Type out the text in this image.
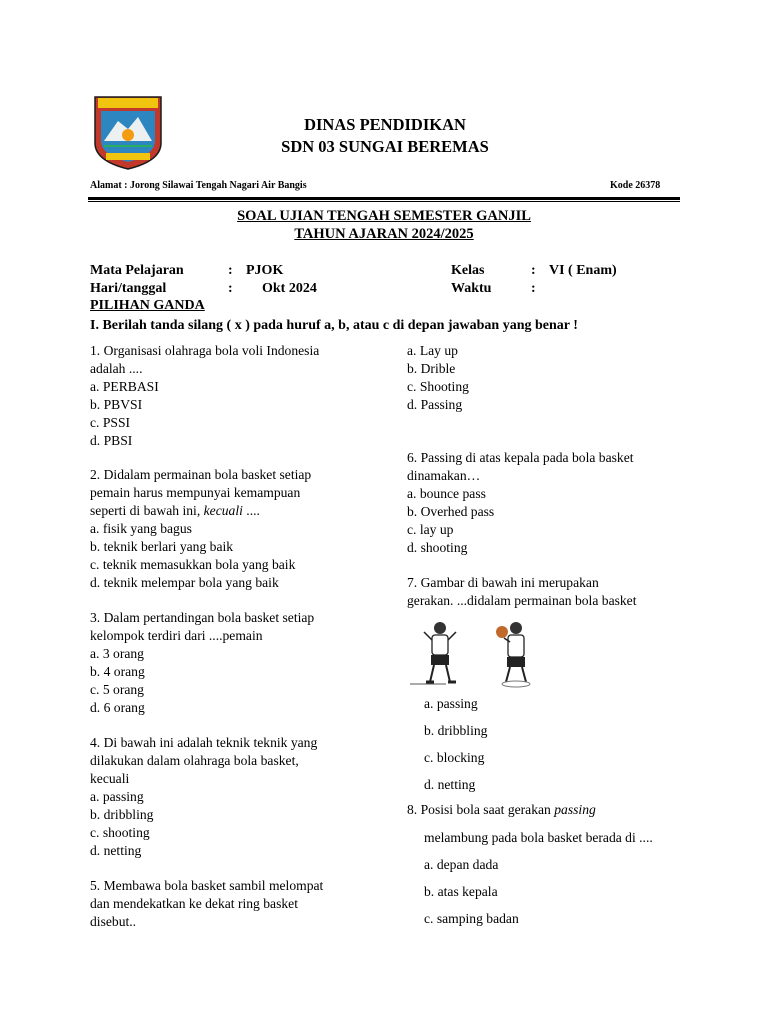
DINAS PENDIDIKAN
SDN 03 SUNGAI BEREMAS
Alamat : Jorong Silawai Tengah Nagari Air Bangis	Kode 26378
SOAL UJIAN TENGAH SEMESTER GANJIL
TAHUN AJARAN 2024/2025
Mata Pelajaran	: PJOK	Kelas	: VI ( Enam)
Hari/tanggal	: Okt 2024	Waktu	:
PILIHAN GANDA
I. Berilah tanda silang ( x ) pada huruf a, b, atau c di depan jawaban yang benar !
1. Organisasi olahraga bola voli Indonesia
adalah ....
a. PERBASI
b. PBVSI
c. PSSI
d. PBSI
2. Didalam permainan bola basket setiap
pemain harus mempunyai kemampuan
seperti di bawah ini, kecuali ....
a. fisik yang bagus
b. teknik berlari yang baik
c. teknik memasukkan bola yang baik
d. teknik melempar bola yang baik
3. Dalam pertandingan bola basket setiap
kelompok terdiri dari ....pemain
a. 3 orang
b. 4 orang
c. 5 orang
d. 6 orang
4. Di bawah ini adalah teknik teknik yang
dilakukan dalam olahraga bola basket,
kecuali
a. passing
b. dribbling
c. shooting
d. netting
5. Membawa bola basket sambil melompat
dan mendekatkan ke dekat ring basket
disebut..
a. Lay up
b. Drible
c. Shooting
d. Passing
6. Passing di atas kepala pada bola basket
dinamakan…
a. bounce pass
b. Overhed pass
c. lay up
d. shooting
7. Gambar di bawah ini merupakan
gerakan. ...didalam permainan bola basket
a. passing
b. dribbling
c. blocking
d. netting
8. Posisi bola saat gerakan passing
melambung pada bola basket berada di ....
a. depan dada
b. atas kepala
c. samping badan
